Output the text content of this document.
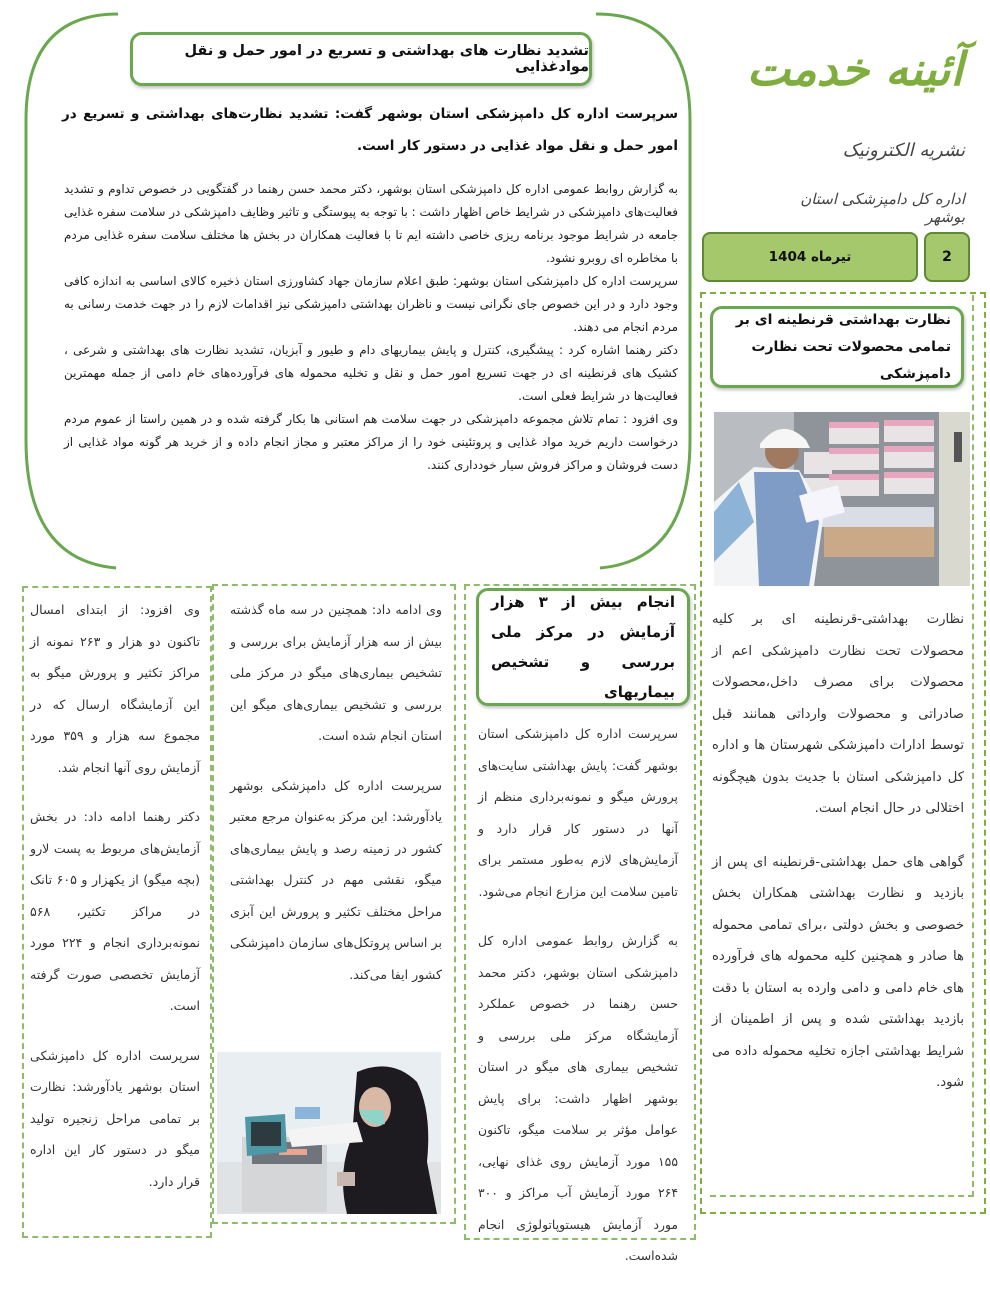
تشدید نظارت های بهداشتی و تسریع در امور حمل و نقل موادغذایی
سرپرست اداره کل دامپزشکی استان بوشهر گفت: تشدید نظارت‌های بهداشتی و تسریع در امور حمل و نقل مواد غذایی در دستور کار است.
به گزارش روابط عمومی اداره کل دامپزشکی استان بوشهر، دکتر محمد حسن رهنما در گفتگویی در خصوص تداوم و تشدید فعالیت‌های دامپزشکی در شرایط خاص اظهار داشت : با توجه به پیوستگی و تاثیر وظایف دامپزشکی در سلامت سفره غذایی جامعه در شرایط موجود برنامه ریزی خاصی داشته ایم تا با فعالیت همکاران در بخش ها مختلف سلامت سفره غذایی مردم با مخاطره ای روبرو نشود.
سرپرست اداره کل دامپزشکی استان بوشهر: طبق اعلام سازمان جهاد کشاورزی استان ذخیره کالای اساسی به اندازه کافی وجود دارد و در این خصوص جای نگرانی نیست و ناظران بهداشتی دامپزشکی نیز اقدامات لازم را در جهت خدمت رسانی به مردم انجام می دهند.
دکتر رهنما اشاره کرد : پیشگیری، کنترل و پایش بیماریهای دام و طیور و آبزیان، تشدید نظارت های بهداشتی و شرعی ، کشیک های قرنطینه ای در جهت تسریع امور حمل و نقل و تخلیه محموله های فرآورده‌های خام دامی از جمله مهمترین فعالیت‌ها در شرایط فعلی است.
وی افزود : تمام تلاش مجموعه دامپزشکی در جهت سلامت هم استانی ها بکار گرفته شده و در همین راستا از عموم مردم درخواست داریم خرید مواد غذایی و پروتئینی خود را از مراکز معتبر و مجاز انجام داده و از خرید هر گونه مواد غذایی از دست فروشان و مراکز فروش سیار خودداری کنند.
آئینه خدمت
نشریه الکترونیک
اداره کل دامپزشکی استان بوشهر
2
تیرماه 1404
نظارت بهداشتی قرنطینه ای بر تمامی محصولات تحت نظارت دامپزشکی

نظارت بهداشتی-قرنطینه ای بر کلیه محصولات تحت نظارت دامپزشکی اعم از محصولات برای مصرف داخل،محصولات صادراتی و محصولات وارداتی همانند قبل توسط ادارات دامپزشکی شهرستان ها و اداره کل دامپزشکی استان با جدیت بدون هیچگونه اختلالی در حال انجام است.

گواهی های حمل بهداشتی-قرنطینه ای پس از بازدید و نظارت بهداشتی همکاران بخش خصوصی و بخش دولتی ،برای تمامی محموله ها صادر و همچنین کلیه محموله های فرآورده های خام دامی و دامی وارده به استان با دقت بازدید بهداشتی شده و پس از اطمینان از شرایط بهداشتی اجازه تخلیه محموله داده می شود.

انجام بیش از ۳ هزار آزمایش در مرکز ملی بررسی و تشخیص بیماریهای

سرپرست اداره کل دامپزشکی استان بوشهر گفت: پایش بهداشتی سایت‌های پرورش میگو و نمونه‌برداری منظم از آنها در دستور کار قرار دارد و آزمایش‌های لازم به‌طور مستمر برای تامین سلامت این مزارع انجام می‌شود.

به گزارش روابط عمومی اداره کل دامپزشکی استان بوشهر، دکتر محمد حسن رهنما در خصوص عملکرد آزمایشگاه مرکز ملی بررسی و تشخیص بیماری های میگو در استان بوشهر اظهار داشت: برای پایش عوامل مؤثر بر سلامت میگو، تاکنون ۱۵۵ مورد آزمایش روی غذای نهایی، ۲۶۴ مورد آزمایش آب مراکز و ۳۰۰ مورد آزمایش هیستوپاتولوژی انجام شده‌است.

وی ادامه داد: همچنین در سه ماه گذشته بیش از سه هزار آزمایش برای بررسی و تشخیص بیماری‌های میگو در مرکز ملی بررسی و تشخیص بیماری‌های میگو این استان انجام شده است.

سرپرست اداره کل دامپزشکی بوشهر یادآورشد: این مرکز به‌عنوان مرجع معتبر کشور در زمینه رصد و پایش بیماری‌های میگو، نقشی مهم در کنترل بهداشتی مراحل مختلف تکثیر و پرورش این آبزی بر اساس پروتکل‌های سازمان دامپزشکی کشور ایفا می‌کند.

وی افزود: از ابتدای امسال تاکنون دو هزار و ۲۶۳ نمونه از مراکز تکثیر و پرورش میگو به این آزمایشگاه ارسال که در مجموع سه هزار و ۳۵۹ مورد آزمایش روی آنها انجام شد.

دکتر رهنما ادامه داد: در بخش آزمایش‌های مربوط به پست لارو (بچه میگو) از یکهزار و ۶۰۵ تانک در مراکز تکثیر، ۵۶۸ نمونه‌برداری انجام و ۲۲۴ مورد آزمایش تخصصی صورت گرفته است.

سرپرست اداره کل دامپزشکی استان بوشهر یادآورشد: نظارت بر تمامی مراحل زنجیره تولید میگو در دستور کار این اداره قرار دارد.
